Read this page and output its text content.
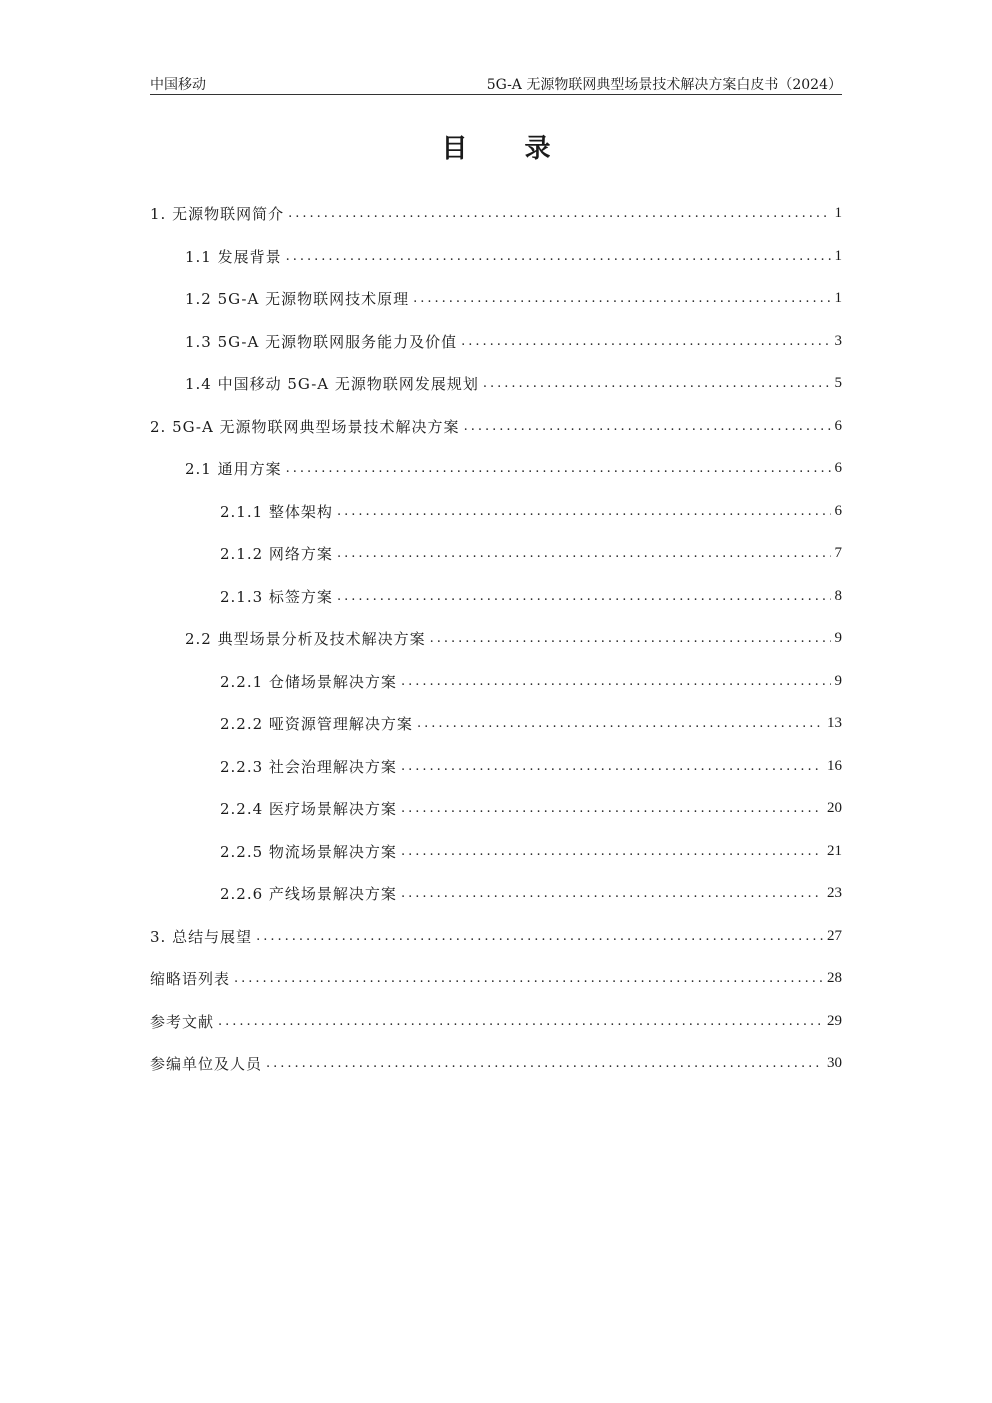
中国移动	5G-A 无源物联网典型场景技术解决方案白皮书（2024）
目 录
1. 无源物联网简介 .....	1
1.1 发展背景 .....	1
1.2 5G-A 无源物联网技术原理 .....	1
1.3 5G-A 无源物联网服务能力及价值 .....	3
1.4 中国移动 5G-A 无源物联网发展规划 .....	5
2. 5G-A 无源物联网典型场景技术解决方案 .....	6
2.1 通用方案 .....	6
2.1.1 整体架构 .....	6
2.1.2 网络方案 .....	7
2.1.3 标签方案 .....	8
2.2 典型场景分析及技术解决方案 .....	9
2.2.1 仓储场景解决方案 .....	9
2.2.2 哑资源管理解决方案 .....	13
2.2.3 社会治理解决方案 .....	16
2.2.4 医疗场景解决方案 .....	20
2.2.5 物流场景解决方案 .....	21
2.2.6 产线场景解决方案 .....	23
3. 总结与展望 .....	27
缩略语列表 .....	28
参考文献 .....	29
参编单位及人员 .....	30
